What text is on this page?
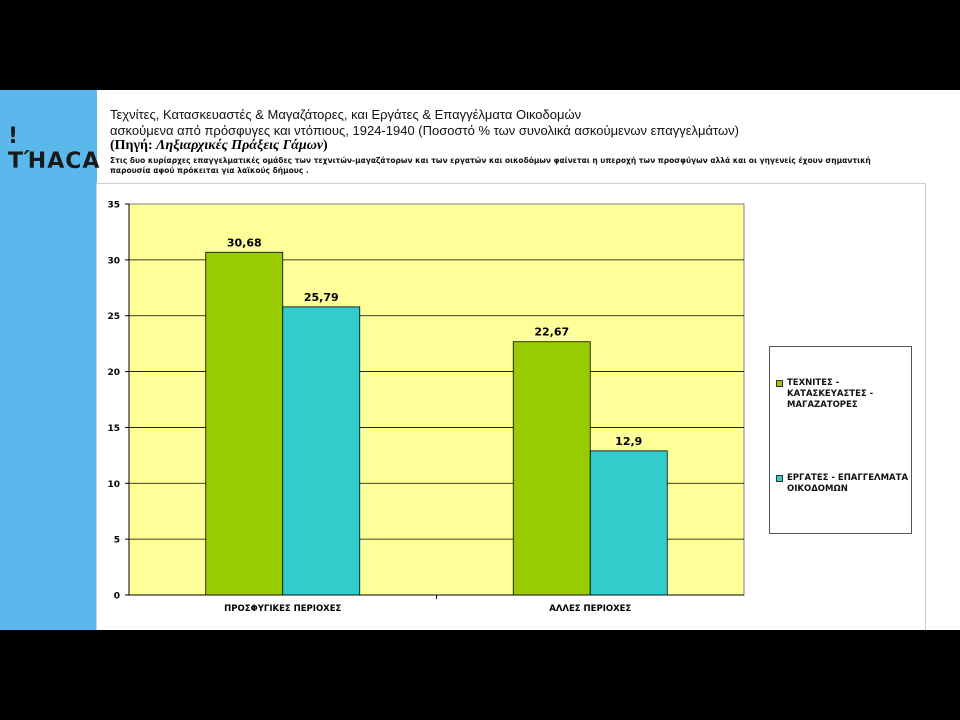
!ΤΉΑCΑ
Τεχνίτες, Κατασκευαστές & Μαγαζάτορες, και Εργάτες & Επαγγέλματα Οικοδομών
ασκούμενα από πρόσφυγες και ντόπιους, 1924-1940 (Ποσοστό % των συνολικά ασκούμενων επαγγελμάτων)
(Πηγή: Ληξιαρχικές Πράξεις Γάμων)
Στις δυο κυρίαρχες επαγγελματικές ομάδες των τεχνιτών-μαγαζάτορων και των εργατών και οικοδόμων φαίνεται η υπεροχή των προσφύγων αλλά και οι γηγενείς έχουν σημαντική παρουσία αφού πρόκειται για λαϊκούς δήμους .
0
5
10
15
20
25
30
35
30,68
25,79
ΠΡΟΣΦΥΓΙΚΕΣ ΠΕΡΙΟΧΕΣ
22,67
12,9
ΑΛΛΕΣ ΠΕΡΙΟΧΕΣ
ΤΕΧΝΙΤΕΣ - ΚΑΤΑΣΚΕΥΑΣΤΕΣ - ΜΑΓΑΖΑΤΟΡΕΣ
ΕΡΓΑΤΕΣ - ΕΠΑΓΓΕΛΜΑΤΑ ΟΙΚΟΔΟΜΩΝ
